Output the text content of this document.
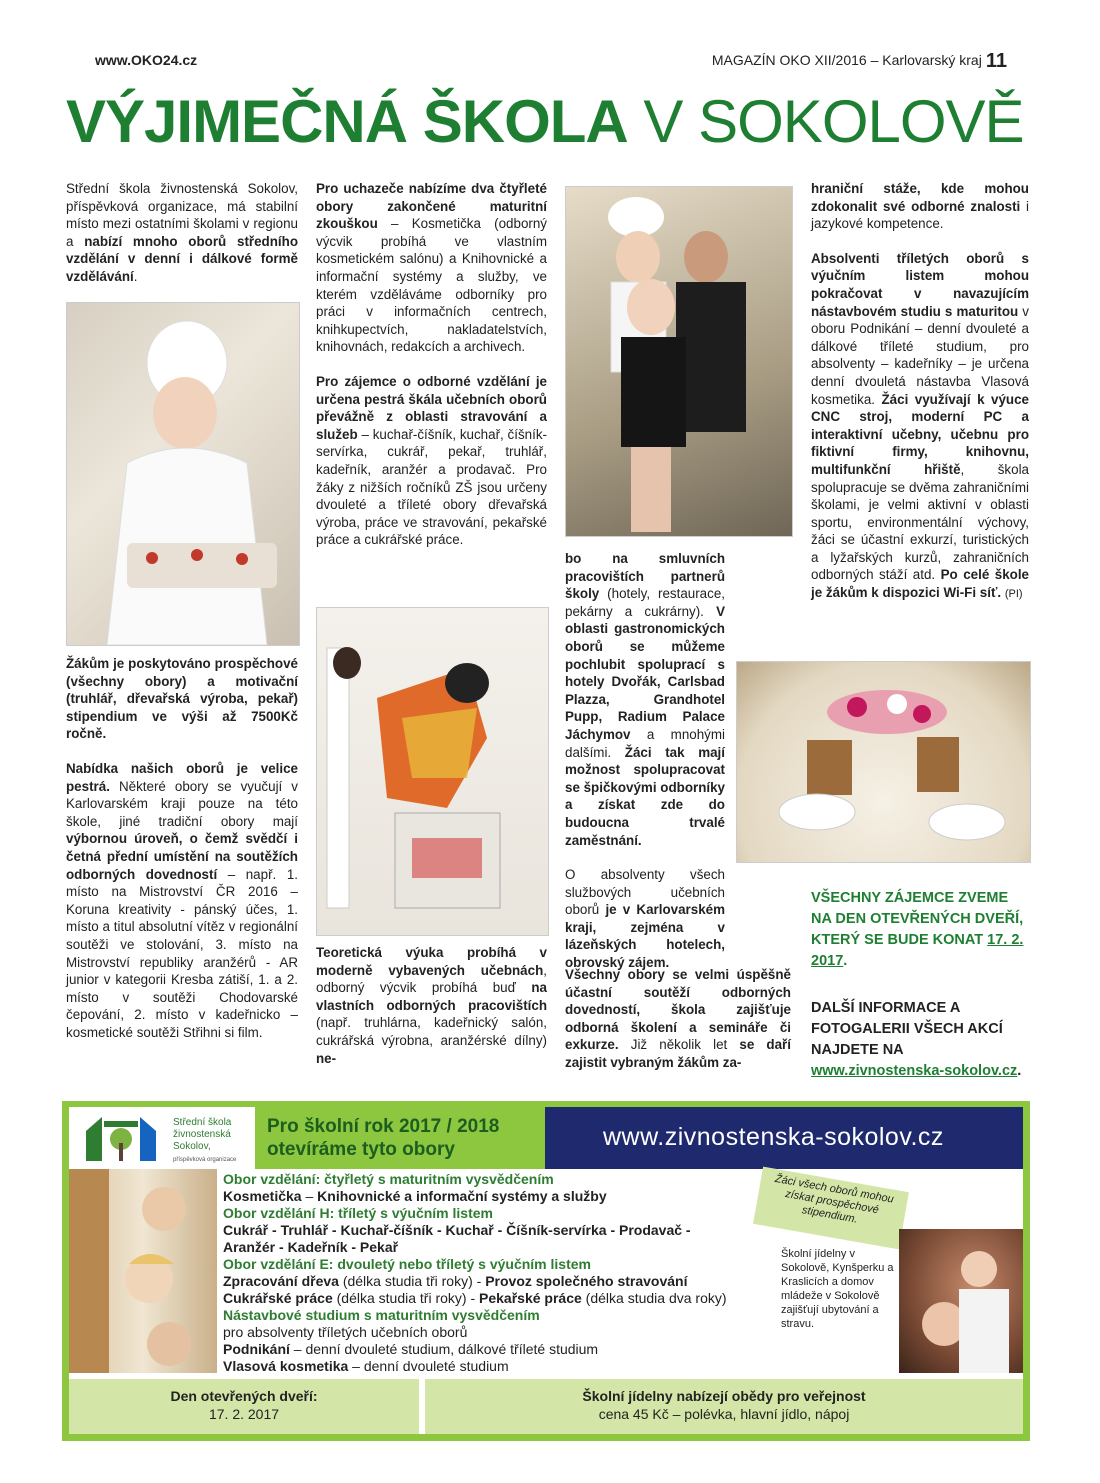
www.OKO24.cz	MAGAZÍN OKO XII/2016 – Karlovarský kraj 11
VÝJIMEČNÁ ŠKOLA V SOKOLOVĚ

Střední škola živnostenská Sokolov, příspěvková organizace, má stabilní místo mezi ostatními školami v regionu a nabízí mnoho oborů středního vzdělání v denní i dálkové formě vzdělávání.

Žákům je poskytováno prospěchové (všechny obory) a motivační (truhlář, dřevařská výroba, pekař) stipendium ve výši až 7500Kč ročně.

Nabídka našich oborů je velice pestrá. Některé obory se vyučují v Karlovarském kraji pouze na této škole, jiné tradiční obory mají výbornou úroveň, o čemž svědčí i četná přední umístění na soutěžích odborných dovedností – např. 1. místo na Mistrovství ČR 2016 – Koruna kreativity - pánský účes, 1. místo a titul absolutní vítěz v regionální soutěži ve stolování, 3. místo na Mistrovství republiky aranžérů - AR junior v kategorii Kresba zátiší, 1. a 2. místo v soutěži Chodovarské čepování, 2. místo v kadeřnicko – kosmetické soutěži Střihni si film.

Pro uchazeče nabízíme dva čtyřleté obory zakončené maturitní zkouškou – Kosmetička (odborný výcvik probíhá ve vlastním kosmetickém salónu) a Knihovnické a informační systémy a služby, ve kterém vzděláváme odborníky pro práci v informačních centrech, knihkupectvích, nakladatelstvích, knihovnách, redakcích a archivech.

Pro zájemce o odborné vzdělání je určena pestrá škála učebních oborů převážně z oblasti stravování a služeb – kuchař-číšník, kuchař, číšník-servírka, cukrář, pekař, truhlář, kadeřník, aranžér a prodavač. Pro žáky z nižších ročníků ZŠ jsou určeny dvouleté a tříleté obory dřevařská výroba, práce ve stravování, pekařské práce a cukrářské práce.

Teoretická výuka probíhá v moderně vybavených učebnách, odborný výcvik probíhá buď na vlastních odborných pracovištích (např. truhlárna, kadeřnický salón, cukrářská výrobna, aranžérské dílny) ne-

bo na smluvních pracovištích partnerů školy (hotely, restaurace, pekárny a cukrárny). V oblasti gastronomických oborů se můžeme pochlubit spoluprací s hotely Dvořák, Carlsbad Plazza, Grandhotel Pupp, Radium Palace Jáchymov a mnohými dalšími. Žáci tak mají možnost spolupracovat se špičkovými odborníky a získat zde do budoucna trvalé zaměstnání.

O absolventy všech službových učebních oborů je v Karlovarském kraji, zejména v lázeňských hotelech, obrovský zájem.

Všechny obory se velmi úspěšně účastní soutěží odborných dovedností, škola zajišťuje odborná školení a semináře či exkurze. Již několik let se daří zajistit vybraným žákům za-

hraniční stáže, kde mohou zdokonalit své odborné znalosti i jazykové kompetence.

Absolventi tříletých oborů s výučním listem mohou pokračovat v navazujícím nástavbovém studiu s maturitou v oboru Podnikání – denní dvouleté a dálkové tříleté studium, pro absolventy – kadeřníky – je určena denní dvouletá nástavba Vlasová kosmetika. Žáci využívají k výuce CNC stroj, moderní PC a interaktivní učebny, učebnu pro fiktivní firmy, knihovnu, multifunkční hřiště, škola spolupracuje se dvěma zahraničními školami, je velmi aktivní v oblasti sportu, environmentální výchovy, žáci se účastní exkurzí, turistických a lyžařských kurzů, zahraničních odborných stáží atd. Po celé škole je žákům k dispozici Wi-Fi síť. (PI)

VŠECHNY ZÁJEMCE ZVEME NA DEN OTEVŘENÝCH DVEŘÍ, KTERÝ SE BUDE KONAT 17. 2. 2017.
DALŠÍ INFORMACE A FOTOGALERII VŠECH AKCÍ NAJDETE NA www.zivnostenska-sokolov.cz.
Střední škola
živnostenská
Sokolov,
příspěvková organizace
Pro školní rok 2017 / 2018
otevíráme tyto obory	www.zivnostenska-sokolov.cz
Obor vzdělání: čtyřletý s maturitním vysvědčením
Kosmetička – Knihovnické a informační systémy a služby
Obor vzdělání H: tříletý s výučním listem
Cukrář - Truhlář - Kuchař-číšník - Kuchař - Číšník-servírka - Prodavač -
Aranžér - Kadeřník - Pekař
Obor vzdělání E: dvouletý nebo tříletý s výučním listem
Zpracování dřeva (délka studia tři roky) - Provoz společného stravování
Cukrářské práce (délka studia tři roky) - Pekařské práce (délka studia dva roky)
Nástavbové studium s maturitním vysvědčením
pro absolventy tříletých učebních oborů
Podnikání – denní dvouleté studium, dálkové tříleté studium
Vlasová kosmetika – denní dvouleté studium
Žáci všech oborů mohou získat prospěchové stipendium.
Školní jídelny v Sokolově, Kynšperku a Kraslicích a domov mládeže v Sokolově zajišťují ubytování a stravu.
Den otevřených dveří:
17. 2. 2017
Školní jídelny nabízejí obědy pro veřejnost
cena 45 Kč – polévka, hlavní jídlo, nápoj
